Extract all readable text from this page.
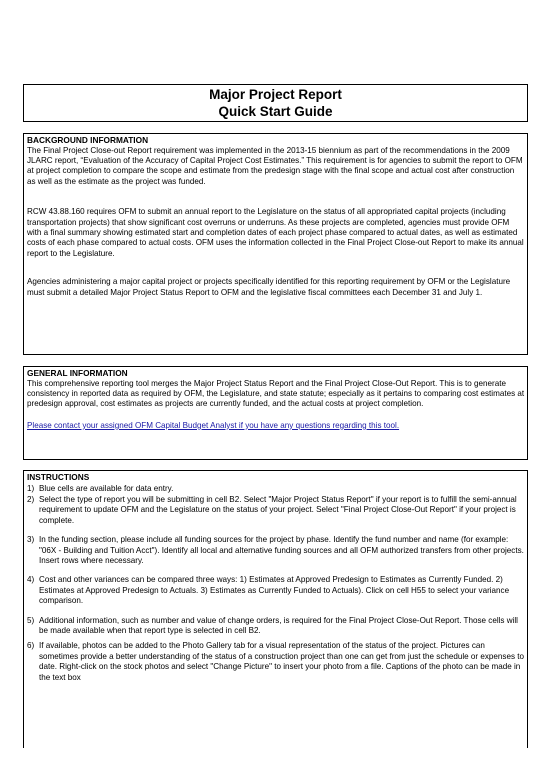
Major Project Report
Quick Start Guide
BACKGROUND INFORMATION

The Final Project Close-out Report requirement was implemented in the 2013-15 biennium as part of the recommendations in the 2009 JLARC report, “Evaluation of the Accuracy of Capital Project Cost Estimates.” This requirement is for agencies to submit the report to OFM at project completion to compare the scope and estimate from the predesign stage with the final scope and actual cost after construction as well as the estimate as the project was funded.

RCW 43.88.160 requires OFM to submit an annual report to the Legislature on the status of all appropriated capital projects (including transportation projects) that show significant cost overruns or underruns. As these projects are completed, agencies must provide OFM with a final summary showing estimated start and completion dates of each project phase compared to actual dates, as well as estimated costs of each phase compared to actual costs. OFM uses the information collected in the Final Project Close-out Report to make its annual report to the Legislature.

Agencies administering a major capital project or projects specifically identified for this reporting requirement by OFM or the Legislature must submit a detailed Major Project Status Report to OFM and the legislative fiscal committees each December 31 and July 1.

GENERAL INFORMATION

This comprehensive reporting tool merges the Major Project Status Report and the Final Project Close-Out Report. This is to generate consistency in reported data as required by OFM, the Legislature, and state statute; especially as it pertains to comparing cost estimates at predesign approval, cost estimates as projects are currently funded, and the actual costs at project completion.

Please contact your assigned OFM Capital Budget Analyst if you have any questions regarding this tool.

INSTRUCTIONS
1) Blue cells are available for data entry.
2) Select the type of report you will be submitting in cell B2. Select "Major Project Status Report" if your report is to fulfill the semi-annual requirement to update OFM and the Legislature on the status of your project. Select "Final Project Close-Out Report" if your project is complete.
3) In the funding section, please include all funding sources for the project by phase. Identify the fund number and name (for example: "06X - Building and Tuition Acct"). Identify all local and alternative funding sources and all OFM authorized transfers from other projects. Insert rows where necessary.
4) Cost and other variances can be compared three ways: 1) Estimates at Approved Predesign to Estimates as Currently Funded. 2) Estimates at Approved Predesign to Actuals. 3) Estimates as Currently Funded to Actuals). Click on cell H55 to select your variance comparison.
5) Additional information, such as number and value of change orders, is required for the Final Project Close-Out Report. Those cells will be made available when that report type is selected in cell B2.
6) If available, photos can be added to the Photo Gallery tab for a visual representation of the status of the project. Pictures can sometimes provide a better understanding of the status of a construction project than one can get from just the schedule or expenses to date. Right-click on the stock photos and select "Change Picture" to insert your photo from a file. Captions of the photo can be made in the text box
